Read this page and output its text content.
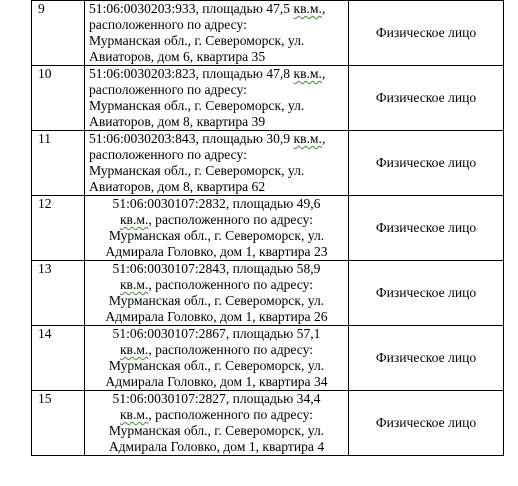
9	51:06:0030203:933, площадью 47,5 кв.м.,
расположенного по адресу:
Мурманская обл., г. Североморск, ул.
Авиаторов, дом 6, квартира 35	Физическое лицо
10	51:06:0030203:823, площадью 47,8 кв.м.,
расположенного по адресу:
Мурманская обл., г. Североморск, ул.
Авиаторов, дом 8, квартира 39	Физическое лицо
11	51:06:0030203:843, площадью 30,9 кв.м.,
расположенного по адресу:
Мурманская обл., г. Североморск, ул.
Авиаторов, дом 8, квартира 62	Физическое лицо
12	51:06:0030107:2832, площадью 49,6
кв.м., расположенного по адресу:
Мурманская обл., г. Североморск, ул.
Адмирала Головко, дом 1, квартира 23	Физическое лицо
13	51:06:0030107:2843, площадью 58,9
кв.м., расположенного по адресу:
Мурманская обл., г. Североморск, ул.
Адмирала Головко, дом 1, квартира 26	Физическое лицо
14	51:06:0030107:2867, площадью 57,1
кв.м., расположенного по адресу:
Мурманская обл., г. Североморск, ул.
Адмирала Головко, дом 1, квартира 34	Физическое лицо
15	51:06:0030107:2827, площадью 34,4
кв.м., расположенного по адресу:
Мурманская обл., г. Североморск, ул.
Адмирала Головко, дом 1, квартира 4	Физическое лицо
